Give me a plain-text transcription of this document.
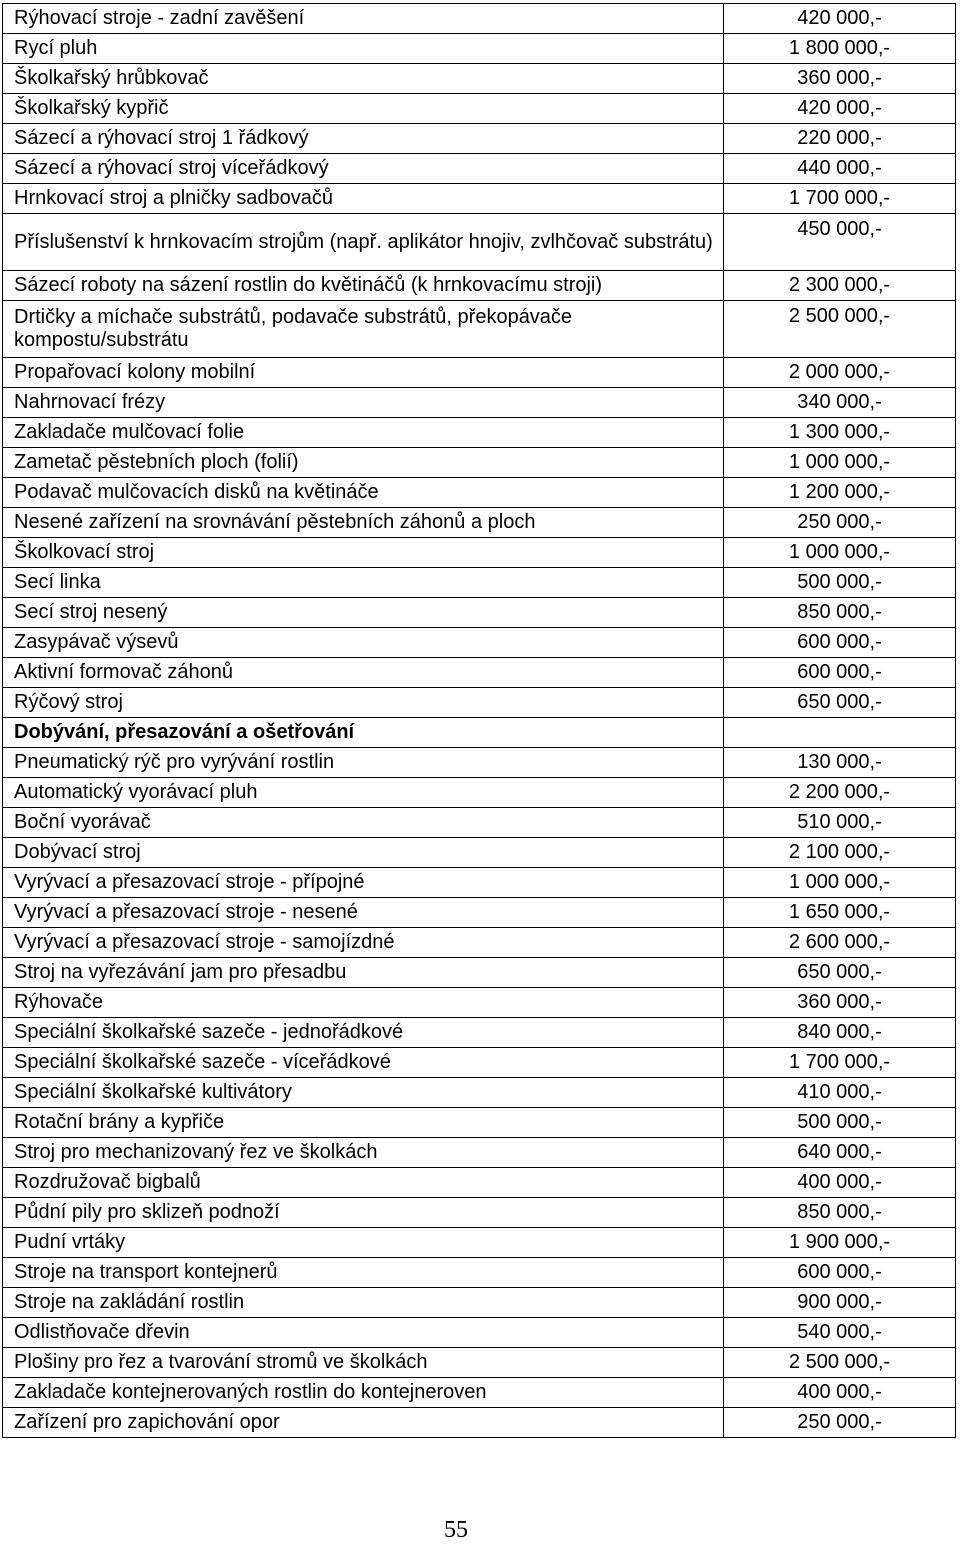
Rýhovací stroje - zadní zavěšení	420 000,-
Rycí pluh	1 800 000,-
Školkařský hrůbkovač	360 000,-
Školkařský kypřič	420 000,-
Sázecí a rýhovací stroj 1 řádkový	220 000,-
Sázecí a rýhovací stroj víceřádkový	440 000,-
Hrnkovací stroj a plničky sadbovačů	1 700 000,-
Příslušenství k hrnkovacím strojům (např. aplikátor hnojiv, zvlhčovač substrátu)	450 000,-
Sázecí roboty na sázení rostlin do květináčů (k hrnkovacímu stroji)	2 300 000,-
Drtičky a míchače substrátů, podavače substrátů, překopávače kompostu/substrátu	2 500 000,-
Propařovací kolony mobilní	2 000 000,-
Nahrnovací frézy	340 000,-
Zakladače mulčovací folie	1 300 000,-
Zametač pěstebních ploch (folií)	1 000 000,-
Podavač mulčovacích disků na květináče	1 200 000,-
Nesené zařízení na srovnávání pěstebních záhonů a ploch	250 000,-
Školkovací stroj	1 000 000,-
Secí linka	500 000,-
Secí stroj nesený	850 000,-
Zasypávač výsevů	600 000,-
Aktivní formovač záhonů	600 000,-
Rýčový stroj	650 000,-
Dobývání, přesazování a ošetřování	
Pneumatický rýč pro vyrývání rostlin	130 000,-
Automatický vyorávací pluh	2 200 000,-
Boční vyorávač	510 000,-
Dobývací stroj	2 100 000,-
Vyrývací a přesazovací stroje - přípojné	1 000 000,-
Vyrývací a přesazovací stroje - nesené	1 650 000,-
Vyrývací a přesazovací stroje - samojízdné	2 600 000,-
Stroj na vyřezávání jam pro přesadbu	650 000,-
Rýhovače	360 000,-
Speciální školkařské sazeče - jednořádkové	840 000,-
Speciální školkařské sazeče - víceřádkové	1 700 000,-
Speciální školkařské kultivátory	410 000,-
Rotační brány a kypřiče	500 000,-
Stroj pro mechanizovaný řez ve školkách	640 000,-
Rozdružovač bigbalů	400 000,-
Půdní pily pro sklizeň podnoží	850 000,-
Pudní vrtáky	1 900 000,-
Stroje na transport kontejnerů	600 000,-
Stroje na zakládání rostlin	900 000,-
Odlistňovače dřevin	540 000,-
Plošiny pro řez a tvarování stromů ve školkách	2 500 000,-
Zakladače kontejnerovaných rostlin do kontejneroven	400 000,-
Zařízení pro zapichování opor	250 000,-
55
